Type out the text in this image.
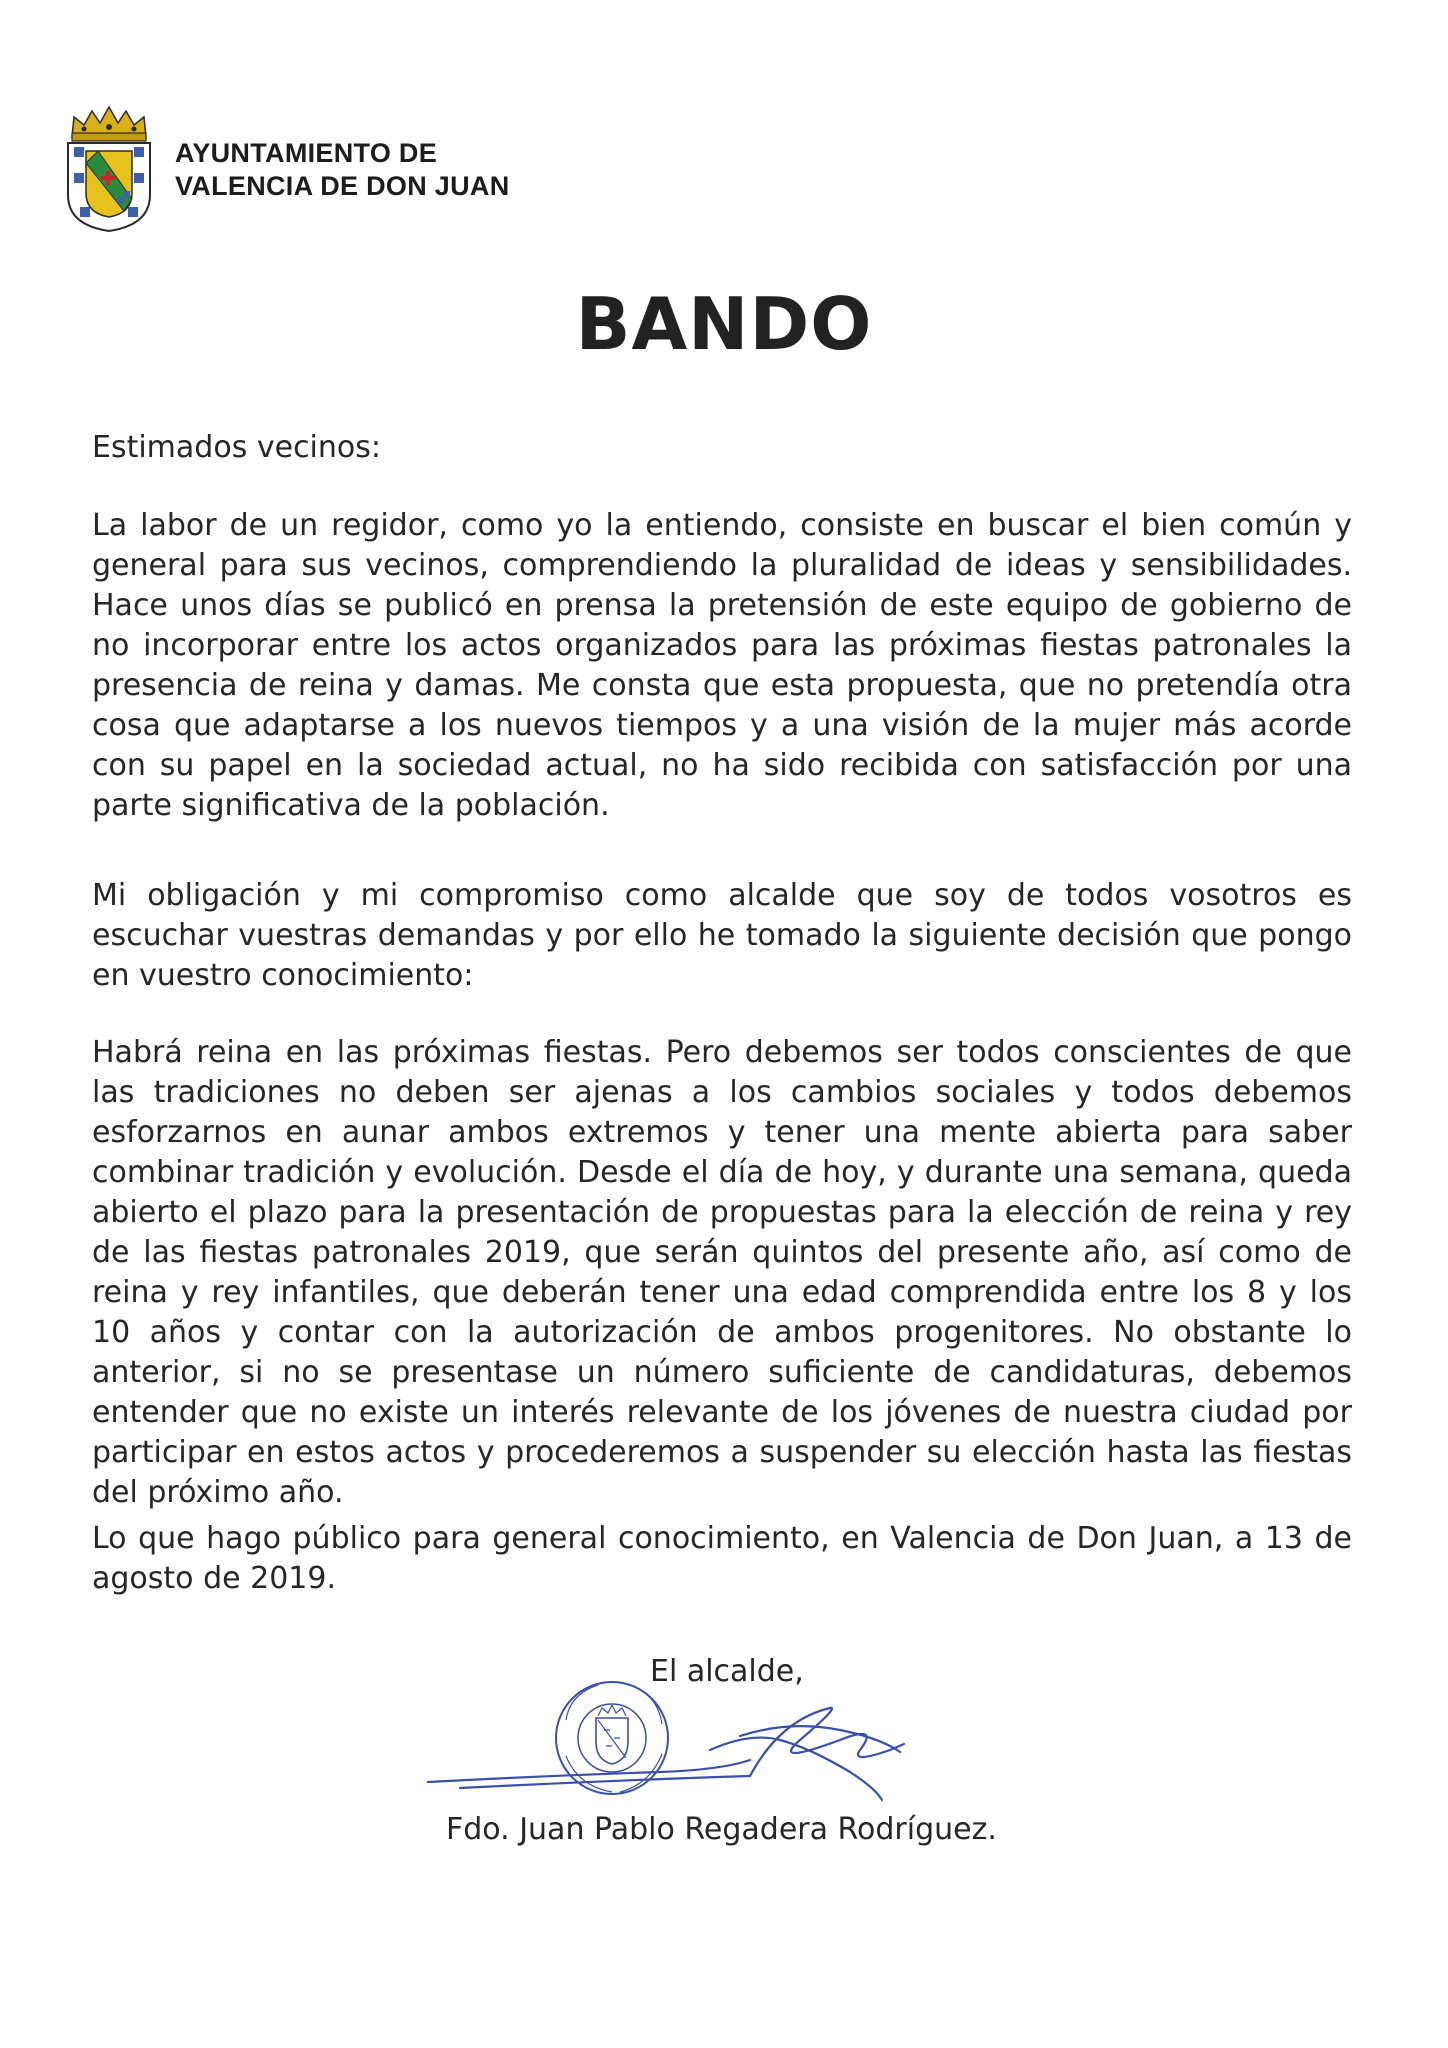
AYUNTAMIENTO DE
VALENCIA DE DON JUAN
BANDO
Estimados vecinos:

La labor de un regidor, como yo la entiendo, consiste en buscar el bien común y general para sus vecinos, comprendiendo la pluralidad de ideas y sensibilidades. Hace unos días se publicó en prensa la pretensión de este equipo de gobierno de no incorporar entre los actos organizados para las próximas fiestas patronales la presencia de reina y damas. Me consta que esta propuesta, que no pretendía otra cosa que adaptarse a los nuevos tiempos y a una visión de la mujer más acorde con su papel en la sociedad actual, no ha sido recibida con satisfacción por una parte significativa de la población.

Mi obligación y mi compromiso como alcalde que soy de todos vosotros es escuchar vuestras demandas y por ello he tomado la siguiente decisión que pongo en vuestro conocimiento:

Habrá reina en las próximas fiestas. Pero debemos ser todos conscientes de que las tradiciones no deben ser ajenas a los cambios sociales y todos debemos esforzarnos en aunar ambos extremos y tener una mente abierta para saber combinar tradición y evolución. Desde el día de hoy, y durante una semana, queda abierto el plazo para la presentación de propuestas para la elección de reina y rey de las fiestas patronales 2019, que serán quintos del presente año, así como de reina y rey infantiles, que deberán tener una edad comprendida entre los 8 y los 10 años y contar con la autorización de ambos progenitores. No obstante lo anterior, si no se presentase un número suficiente de candidaturas, debemos entender que no existe un interés relevante de los jóvenes de nuestra ciudad por participar en estos actos y procederemos a suspender su elección hasta las fiestas del próximo año.

Lo que hago público para general conocimiento, en Valencia de Don Juan, a 13 de agosto de 2019.

El alcalde,
Fdo. Juan Pablo Regadera Rodríguez.
